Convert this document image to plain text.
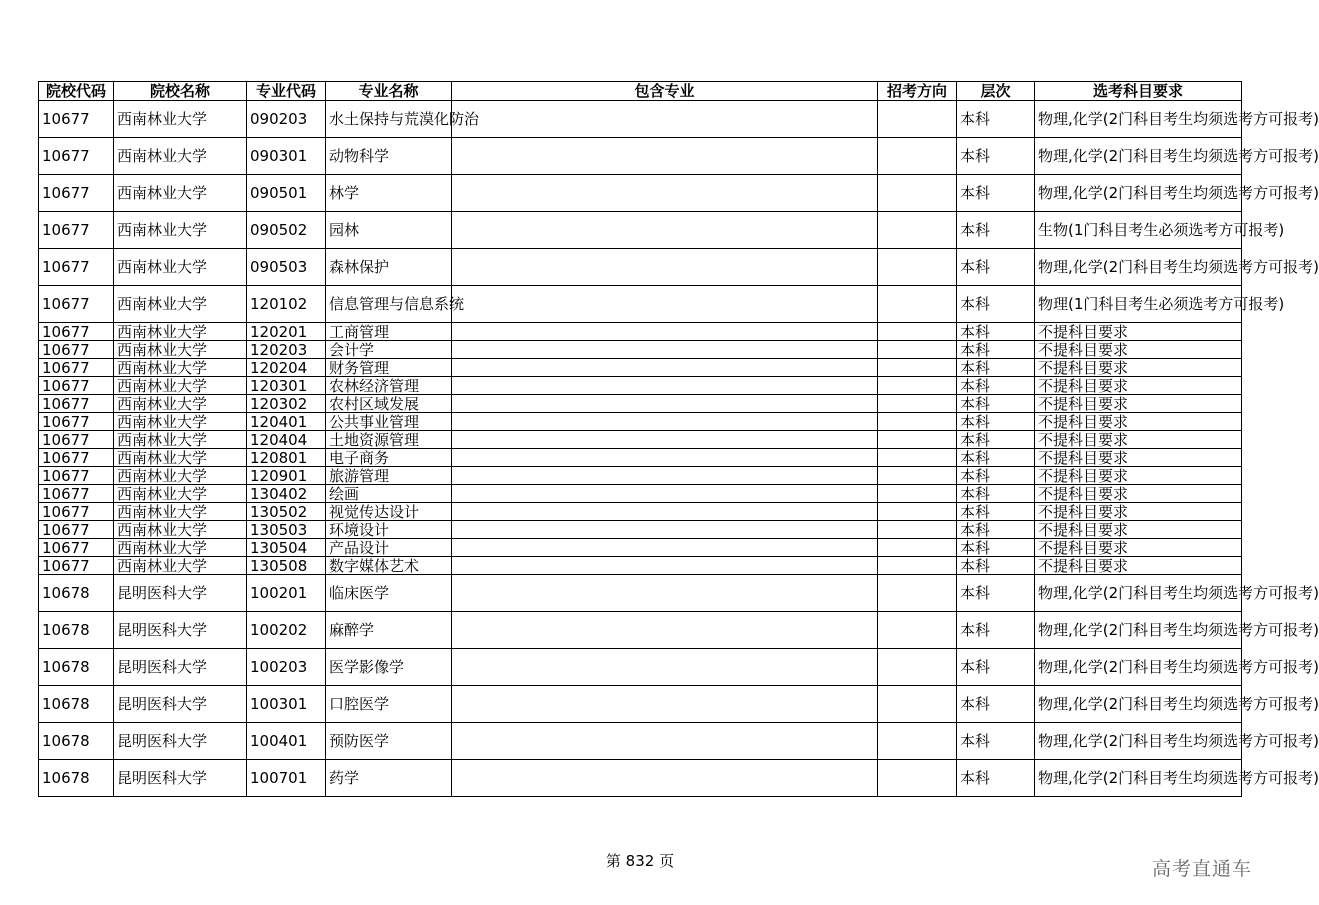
院校代码	院校名称	专业代码	专业名称	包含专业	招考方向	层次	选考科目要求
10677	西南林业大学	090203	水土保持与荒漠化防治			本科	物理,化学(2门科目考生均须选考方可报考)
10677	西南林业大学	090301	动物科学			本科	物理,化学(2门科目考生均须选考方可报考)
10677	西南林业大学	090501	林学			本科	物理,化学(2门科目考生均须选考方可报考)
10677	西南林业大学	090502	园林			本科	生物(1门科目考生必须选考方可报考)
10677	西南林业大学	090503	森林保护			本科	物理,化学(2门科目考生均须选考方可报考)
10677	西南林业大学	120102	信息管理与信息系统			本科	物理(1门科目考生必须选考方可报考)
10677	西南林业大学	120201	工商管理			本科	不提科目要求
10677	西南林业大学	120203	会计学			本科	不提科目要求
10677	西南林业大学	120204	财务管理			本科	不提科目要求
10677	西南林业大学	120301	农林经济管理			本科	不提科目要求
10677	西南林业大学	120302	农村区域发展			本科	不提科目要求
10677	西南林业大学	120401	公共事业管理			本科	不提科目要求
10677	西南林业大学	120404	土地资源管理			本科	不提科目要求
10677	西南林业大学	120801	电子商务			本科	不提科目要求
10677	西南林业大学	120901	旅游管理			本科	不提科目要求
10677	西南林业大学	130402	绘画			本科	不提科目要求
10677	西南林业大学	130502	视觉传达设计			本科	不提科目要求
10677	西南林业大学	130503	环境设计			本科	不提科目要求
10677	西南林业大学	130504	产品设计			本科	不提科目要求
10677	西南林业大学	130508	数字媒体艺术			本科	不提科目要求
10678	昆明医科大学	100201	临床医学			本科	物理,化学(2门科目考生均须选考方可报考)
10678	昆明医科大学	100202	麻醉学			本科	物理,化学(2门科目考生均须选考方可报考)
10678	昆明医科大学	100203	医学影像学			本科	物理,化学(2门科目考生均须选考方可报考)
10678	昆明医科大学	100301	口腔医学			本科	物理,化学(2门科目考生均须选考方可报考)
10678	昆明医科大学	100401	预防医学			本科	物理,化学(2门科目考生均须选考方可报考)
10678	昆明医科大学	100701	药学			本科	物理,化学(2门科目考生均须选考方可报考)
第 832 页	高考直通车
